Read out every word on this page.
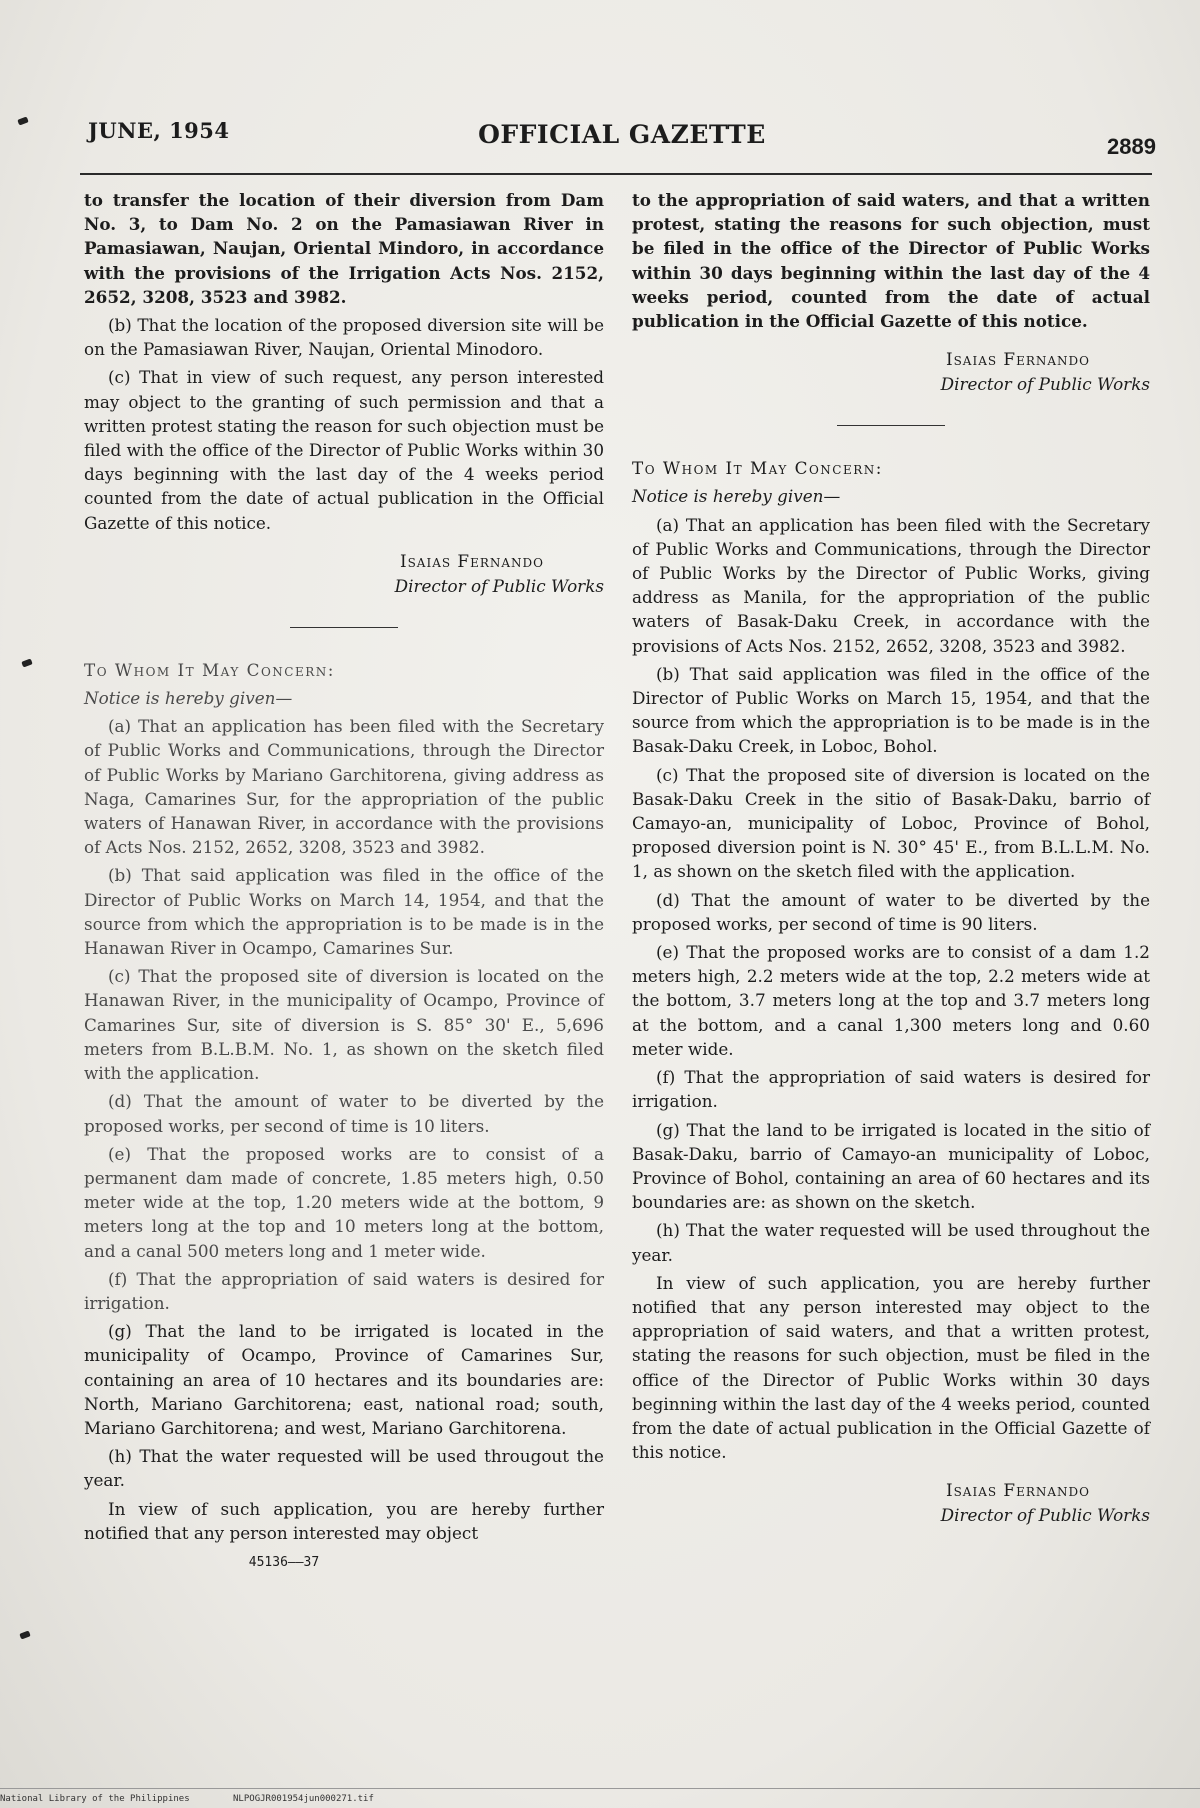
JUNE, 1954	OFFICIAL GAZETTE	2889

to transfer the location of their diversion from Dam No. 3, to Dam No. 2 on the Pamasiawan River in Pamasiawan, Naujan, Oriental Mindoro, in accordance with the provisions of the Irrigation Acts Nos. 2152, 2652, 3208, 3523 and 3982.

(b) That the location of the proposed diversion site will be on the Pamasiawan River, Naujan, Oriental Minodoro.

(c) That in view of such request, any person interested may object to the granting of such permission and that a written protest stating the reason for such objection must be filed with the office of the Director of Public Works within 30 days beginning with the last day of the 4 weeks period counted from the date of actual publication in the Official Gazette of this notice.

Isaias Fernando
Director of Public Works

To Whom It May Concern:

Notice is hereby given—

(a) That an application has been filed with the Secretary of Public Works and Communications, through the Director of Public Works by Mariano Garchitorena, giving address as Naga, Camarines Sur, for the appropriation of the public waters of Hanawan River, in accordance with the provisions of Acts Nos. 2152, 2652, 3208, 3523 and 3982.

(b) That said application was filed in the office of the Director of Public Works on March 14, 1954, and that the source from which the appropriation is to be made is in the Hanawan River in Ocampo, Camarines Sur.

(c) That the proposed site of diversion is located on the Hanawan River, in the municipality of Ocampo, Province of Camarines Sur, site of diversion is S. 85° 30' E., 5,696 meters from B.L.B.M. No. 1, as shown on the sketch filed with the application.

(d) That the amount of water to be diverted by the proposed works, per second of time is 10 liters.

(e) That the proposed works are to consist of a permanent dam made of concrete, 1.85 meters high, 0.50 meter wide at the top, 1.20 meters wide at the bottom, 9 meters long at the top and 10 meters long at the bottom, and a canal 500 meters long and 1 meter wide.

(f) That the appropriation of said waters is desired for irrigation.

(g) That the land to be irrigated is located in the municipality of Ocampo, Province of Camarines Sur, containing an area of 10 hectares and its boundaries are: North, Mariano Garchitorena; east, national road; south, Mariano Garchitorena; and west, Mariano Garchitorena.

(h) That the water requested will be used througout the year.

In view of such application, you are hereby further notified that any person interested may object

45136——37

to the appropriation of said waters, and that a written protest, stating the reasons for such objection, must be filed in the office of the Director of Public Works within 30 days beginning within the last day of the 4 weeks period, counted from the date of actual publication in the Official Gazette of this notice.

Isaias Fernando
Director of Public Works

To Whom It May Concern:

Notice is hereby given—

(a) That an application has been filed with the Secretary of Public Works and Communications, through the Director of Public Works by the Director of Public Works, giving address as Manila, for the appropriation of the public waters of Basak-Daku Creek, in accordance with the provisions of Acts Nos. 2152, 2652, 3208, 3523 and 3982.

(b) That said application was filed in the office of the Director of Public Works on March 15, 1954, and that the source from which the appropriation is to be made is in the Basak-Daku Creek, in Loboc, Bohol.

(c) That the proposed site of diversion is located on the Basak-Daku Creek in the sitio of Basak-Daku, barrio of Camayo-an, municipality of Loboc, Province of Bohol, proposed diversion point is N. 30° 45' E., from B.L.L.M. No. 1, as shown on the sketch filed with the application.

(d) That the amount of water to be diverted by the proposed works, per second of time is 90 liters.

(e) That the proposed works are to consist of a dam 1.2 meters high, 2.2 meters wide at the top, 2.2 meters wide at the bottom, 3.7 meters long at the top and 3.7 meters long at the bottom, and a canal 1,300 meters long and 0.60 meter wide.

(f) That the appropriation of said waters is desired for irrigation.

(g) That the land to be irrigated is located in the sitio of Basak-Daku, barrio of Camayo-an municipality of Loboc, Province of Bohol, containing an area of 60 hectares and its boundaries are: as shown on the sketch.

(h) That the water requested will be used throughout the year.

In view of such application, you are hereby further notified that any person interested may object to the appropriation of said waters, and that a written protest, stating the reasons for such objection, must be filed in the office of the Director of Public Works within 30 days beginning within the last day of the 4 weeks period, counted from the date of actual publication in the Official Gazette of this notice.

Isaias Fernando
Director of Public Works
National Library of the Philippines	NLPOGJR001954jun000271.tif
